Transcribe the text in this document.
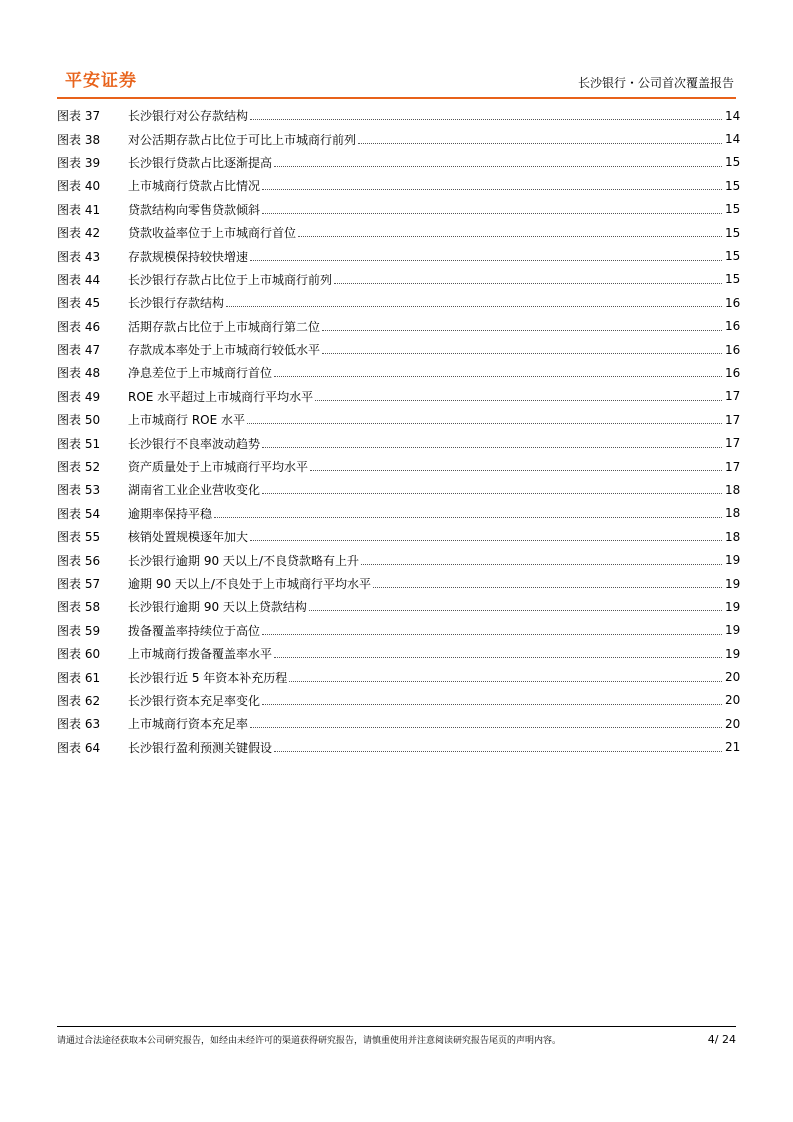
平安证券	长沙银行・公司首次覆盖报告
图表 37	长沙银行对公存款结构	14
图表 38	对公活期存款占比位于可比上市城商行前列	14
图表 39	长沙银行贷款占比逐渐提高	15
图表 40	上市城商行贷款占比情况	15
图表 41	贷款结构向零售贷款倾斜	15
图表 42	贷款收益率位于上市城商行首位	15
图表 43	存款规模保持较快增速	15
图表 44	长沙银行存款占比位于上市城商行前列	15
图表 45	长沙银行存款结构	16
图表 46	活期存款占比位于上市城商行第二位	16
图表 47	存款成本率处于上市城商行较低水平	16
图表 48	净息差位于上市城商行首位	16
图表 49	ROE 水平超过上市城商行平均水平	17
图表 50	上市城商行 ROE 水平	17
图表 51	长沙银行不良率波动趋势	17
图表 52	资产质量处于上市城商行平均水平	17
图表 53	湖南省工业企业营收变化	18
图表 54	逾期率保持平稳	18
图表 55	核销处置规模逐年加大	18
图表 56	长沙银行逾期 90 天以上/不良贷款略有上升	19
图表 57	逾期 90 天以上/不良处于上市城商行平均水平	19
图表 58	长沙银行逾期 90 天以上贷款结构	19
图表 59	拨备覆盖率持续位于高位	19
图表 60	上市城商行拨备覆盖率水平	19
图表 61	长沙银行近 5 年资本补充历程	20
图表 62	长沙银行资本充足率变化	20
图表 63	上市城商行资本充足率	20
图表 64	长沙银行盈利预测关键假设	21
请通过合法途径获取本公司研究报告，如经由未经许可的渠道获得研究报告，请慎重使用并注意阅读研究报告尾页的声明内容。	4/ 24
